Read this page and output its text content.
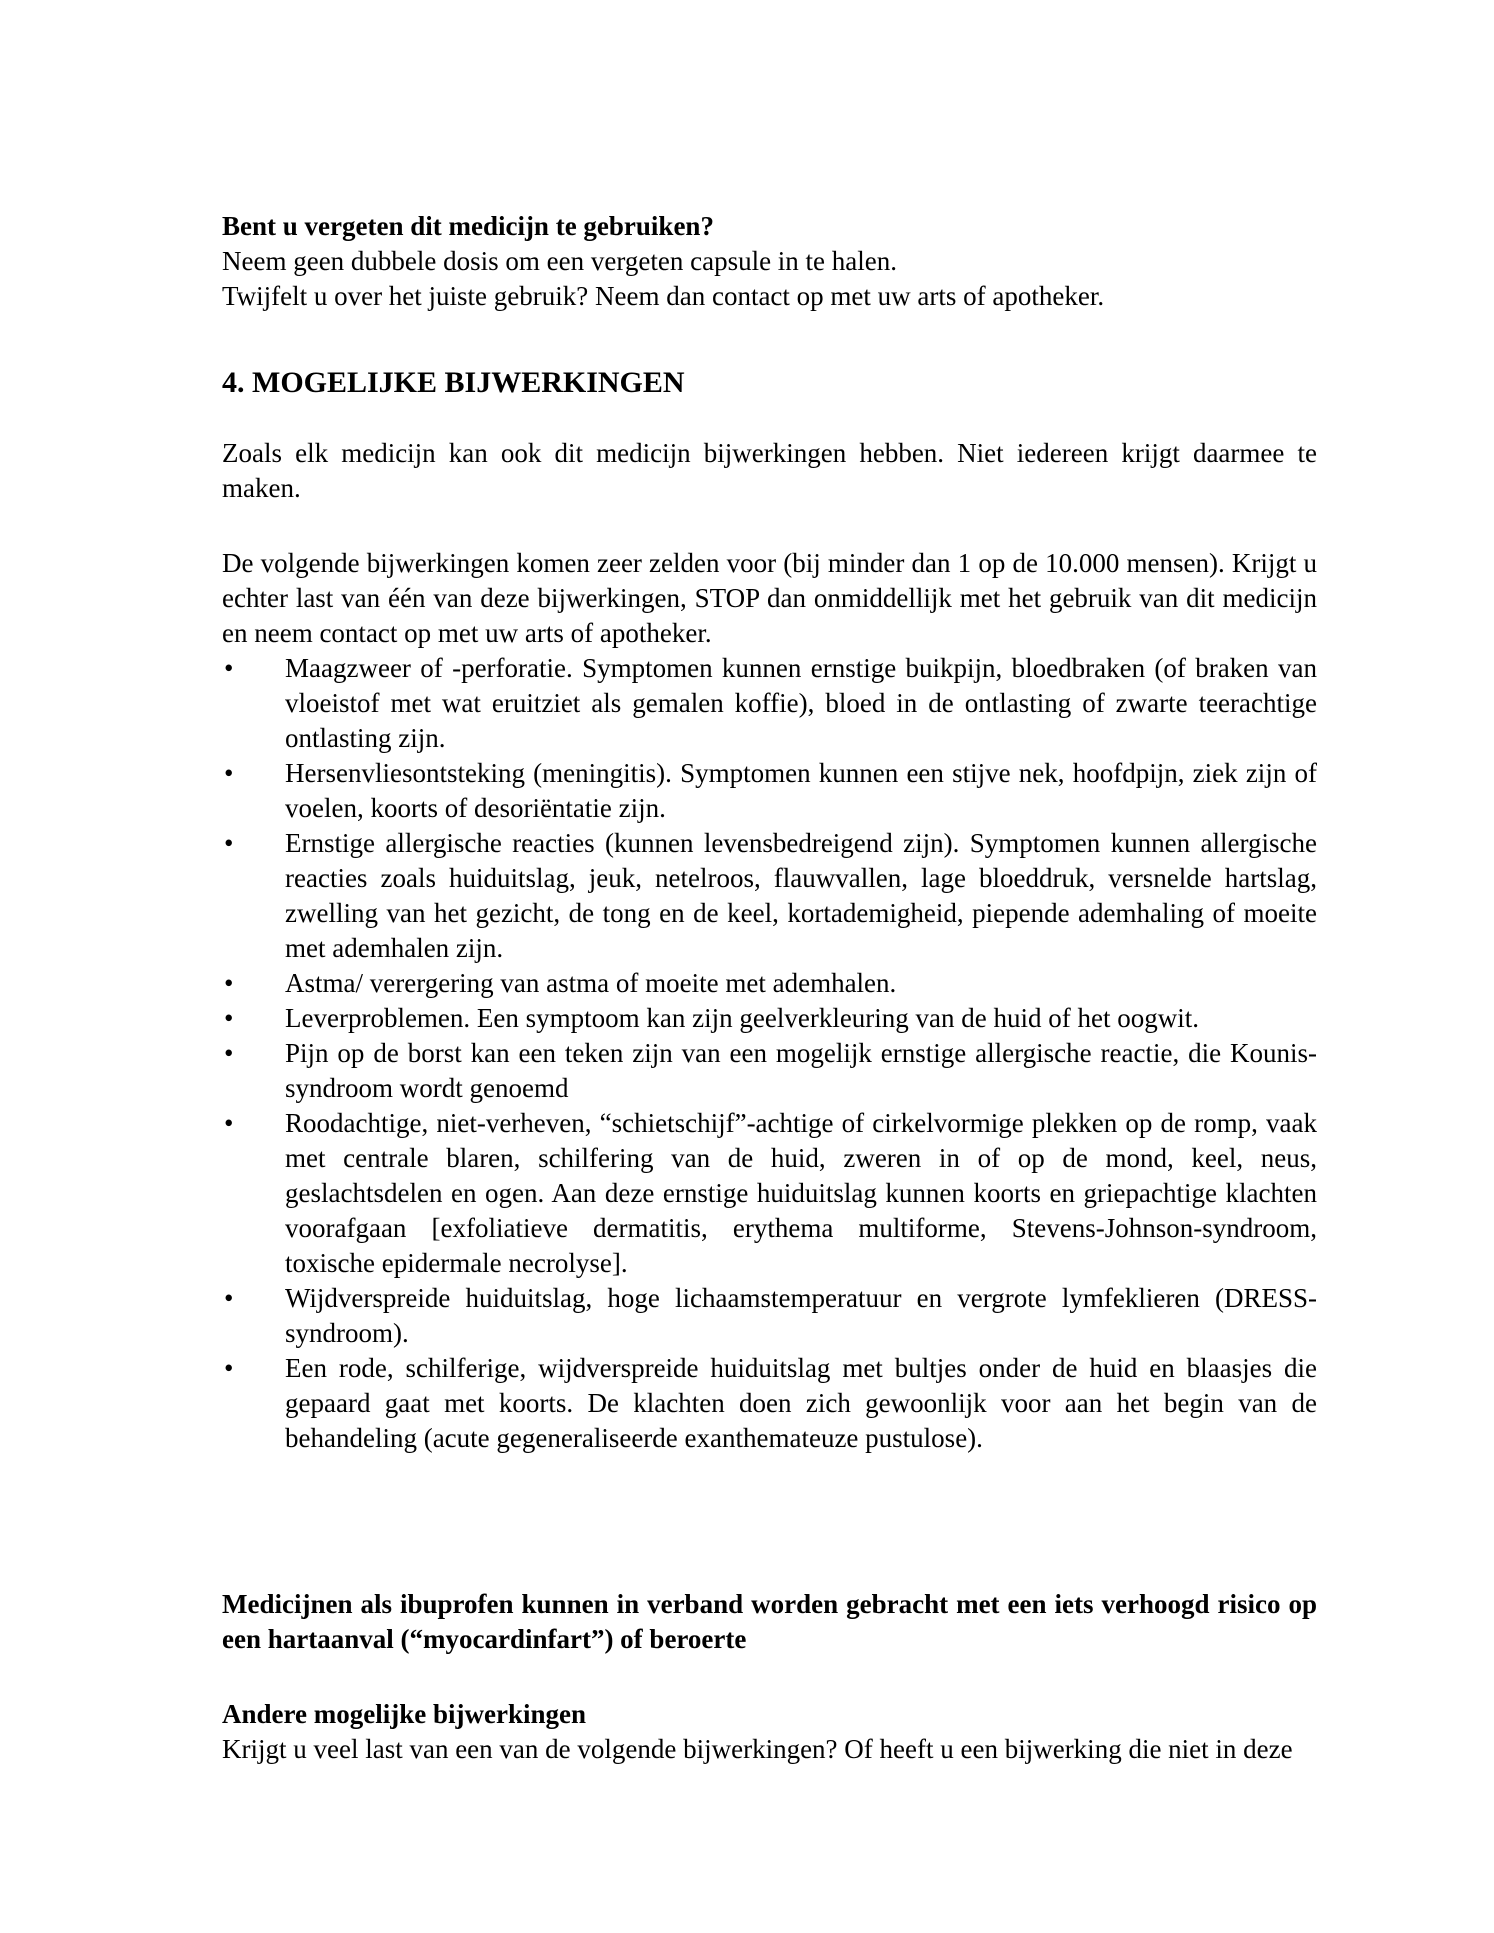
Bent u vergeten dit medicijn te gebruiken?

Neem geen dubbele dosis om een vergeten capsule in te halen.

Twijfelt u over het juiste gebruik? Neem dan contact op met uw arts of apotheker.

4. MOGELIJKE BIJWERKINGEN

Zoals elk medicijn kan ook dit medicijn bijwerkingen hebben. Niet iedereen krijgt daarmee te maken.

De volgende bijwerkingen komen zeer zelden voor (bij minder dan 1 op de 10.000 mensen). Krijgt u echter last van één van deze bijwerkingen, STOP dan onmiddellijk met het gebruik van dit medicijn en neem contact op met uw arts of apotheker.

• Maagzweer of -perforatie. Symptomen kunnen ernstige buikpijn, bloedbraken (of braken van vloeistof met wat eruitziet als gemalen koffie), bloed in de ontlasting of zwarte teerachtige ontlasting zijn.
• Hersenvliesontsteking (meningitis). Symptomen kunnen een stijve nek, hoofdpijn, ziek zijn of voelen, koorts of desoriëntatie zijn.
• Ernstige allergische reacties (kunnen levensbedreigend zijn). Symptomen kunnen allergische reacties zoals huiduitslag, jeuk, netelroos, flauwvallen, lage bloeddruk, versnelde hartslag, zwelling van het gezicht, de tong en de keel, kortademigheid, piepende ademhaling of moeite met ademhalen zijn.
• Astma/ verergering van astma of moeite met ademhalen.
• Leverproblemen. Een symptoom kan zijn geelverkleuring van de huid of het oogwit.
• Pijn op de borst kan een teken zijn van een mogelijk ernstige allergische reactie, die Kounis-syndroom wordt genoemd
• Roodachtige, niet-verheven, “schietschijf”-achtige of cirkelvormige plekken op de romp, vaak met centrale blaren, schilfering van de huid, zweren in of op de mond, keel, neus, geslachtsdelen en ogen. Aan deze ernstige huiduitslag kunnen koorts en griepachtige klachten voorafgaan [exfoliatieve dermatitis, erythema multiforme, Stevens-Johnson-syndroom, toxische epidermale necrolyse].
• Wijdverspreide huiduitslag, hoge lichaamstemperatuur en vergrote lymfeklieren (DRESS-syndroom).
• Een rode, schilferige, wijdverspreide huiduitslag met bultjes onder de huid en blaasjes die gepaard gaat met koorts. De klachten doen zich gewoonlijk voor aan het begin van de behandeling (acute gegeneraliseerde exanthemateuze pustulose).

Medicijnen als ibuprofen kunnen in verband worden gebracht met een iets verhoogd risico op een hartaanval (“myocardinfart”) of beroerte

Andere mogelijke bijwerkingen

Krijgt u veel last van een van de volgende bijwerkingen? Of heeft u een bijwerking die niet in deze
